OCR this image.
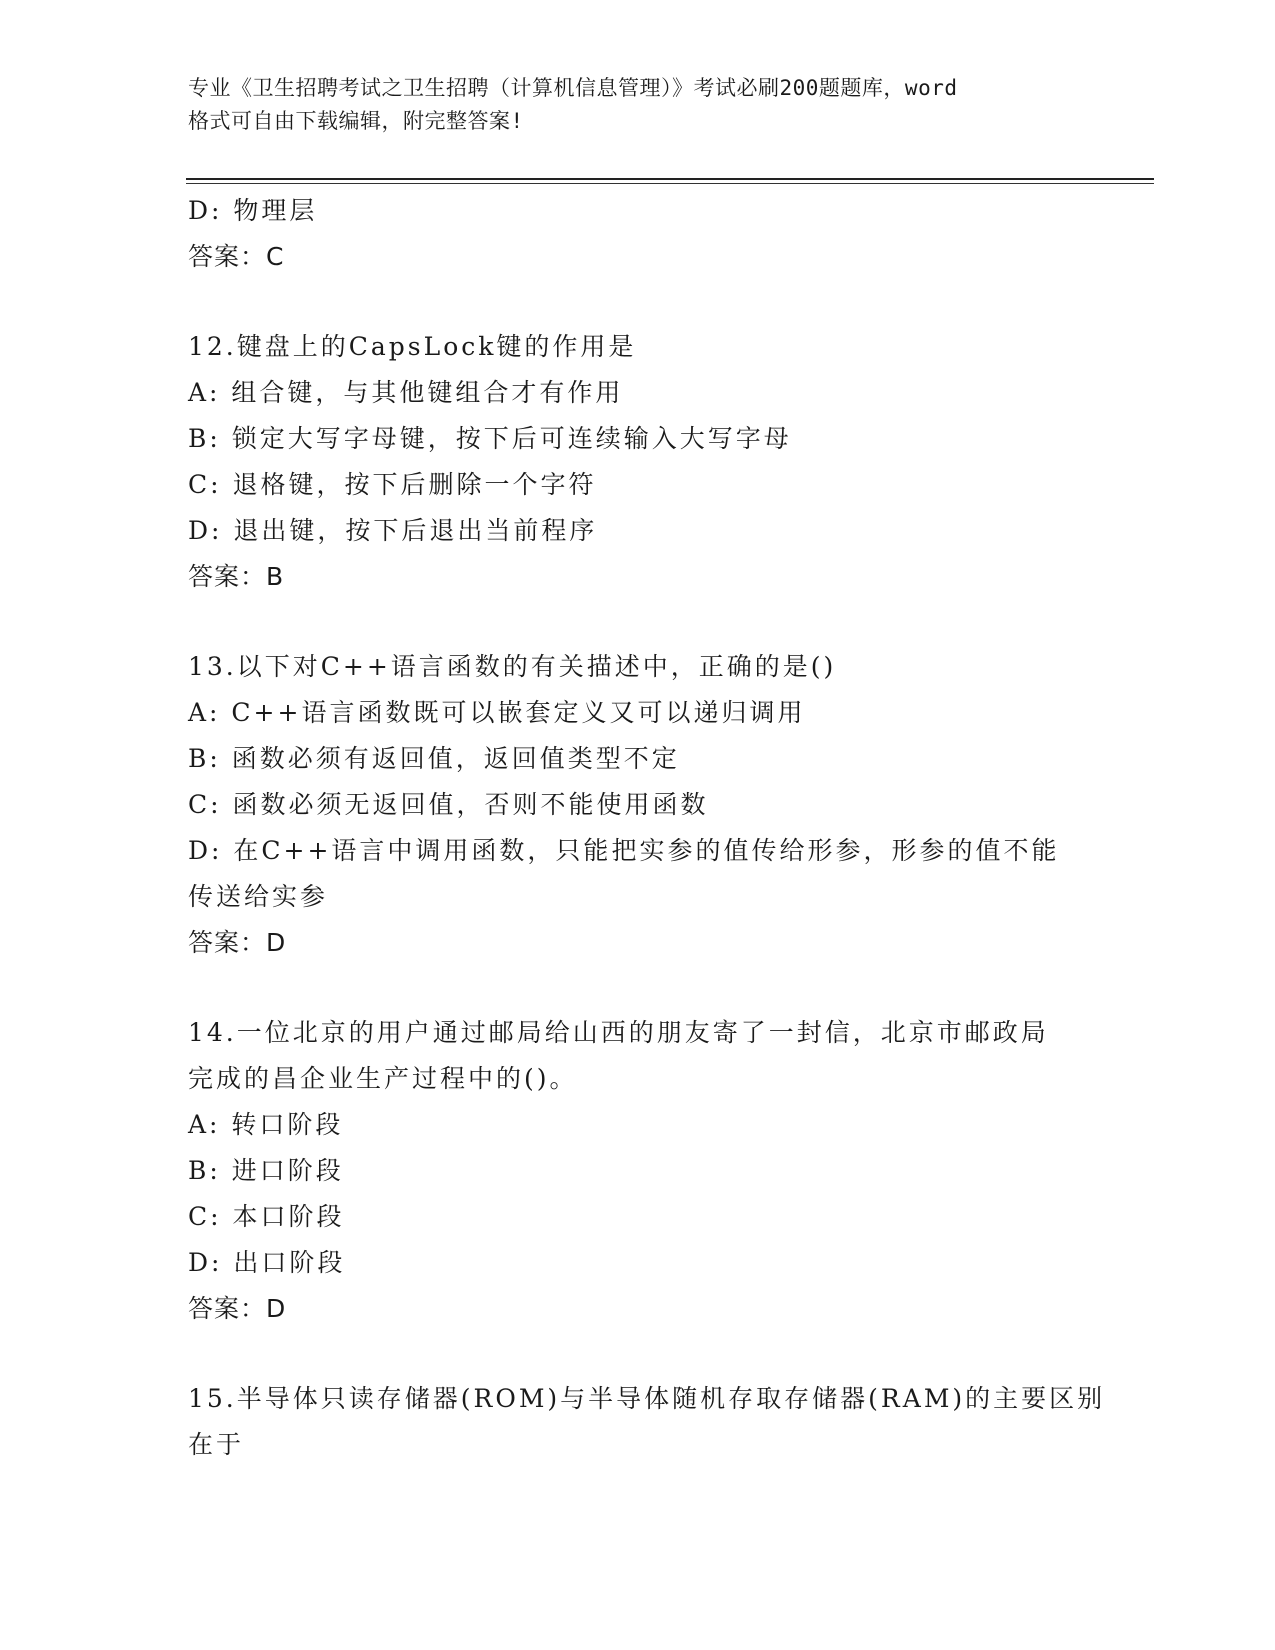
专业《卫生招聘考试之卫生招聘（计算机信息管理）》考试必刷200题题库，word
格式可自由下载编辑，附完整答案!
D: 物理层
答案：C
12.键盘上的CapsLock键的作用是
A: 组合键，与其他键组合才有作用
B: 锁定大写字母键，按下后可连续输入大写字母
C: 退格键，按下后删除一个字符
D: 退出键，按下后退出当前程序
答案：B
13.以下对C++语言函数的有关描述中，正确的是()
A: C++语言函数既可以嵌套定义又可以递归调用
B: 函数必须有返回值，返回值类型不定
C: 函数必须无返回值，否则不能使用函数
D: 在C++语言中调用函数，只能把实参的值传给形参，形参的值不能
传送给实参
答案：D
14.一位北京的用户通过邮局给山西的朋友寄了一封信，北京市邮政局
完成的昌企业生产过程中的()。
A: 转口阶段
B: 进口阶段
C: 本口阶段
D: 出口阶段
答案：D
15.半导体只读存储器(ROM)与半导体随机存取存储器(RAM)的主要区别
在于
